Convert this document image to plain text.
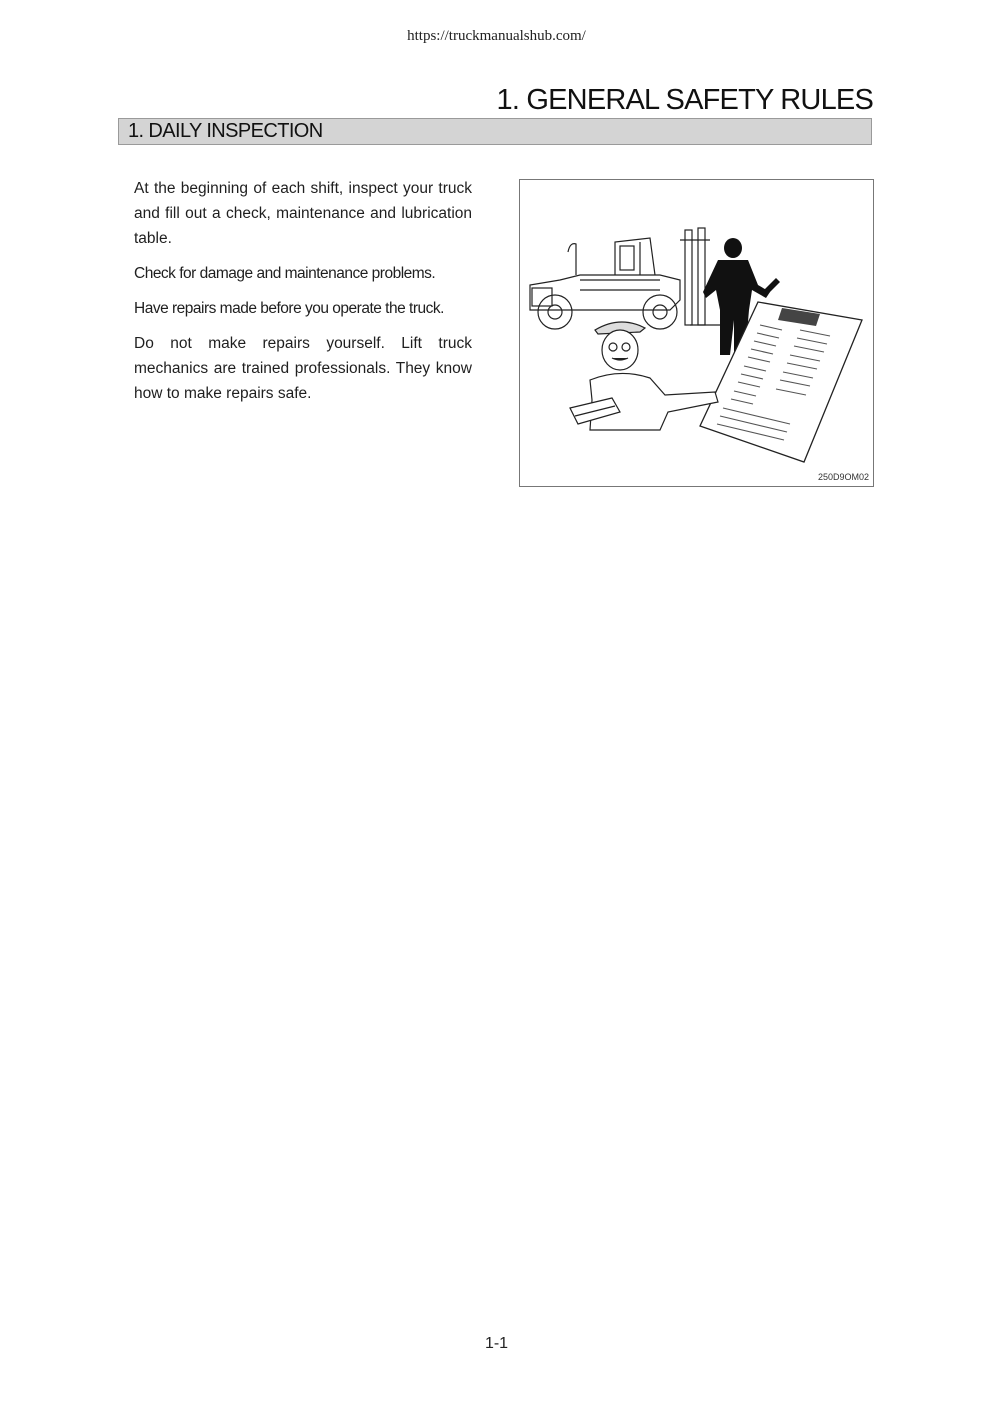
https://truckmanualshub.com/
1. GENERAL SAFETY RULES
1. DAILY INSPECTION

At the beginning of each shift, inspect your truck and fill out a check, maintenance and lubrication table.

Check for damage and maintenance problems.

Have repairs made before you operate the truck.

Do not make repairs yourself. Lift truck mechanics are trained professionals. They know how to make repairs safe.

250D9OM02
1-1
